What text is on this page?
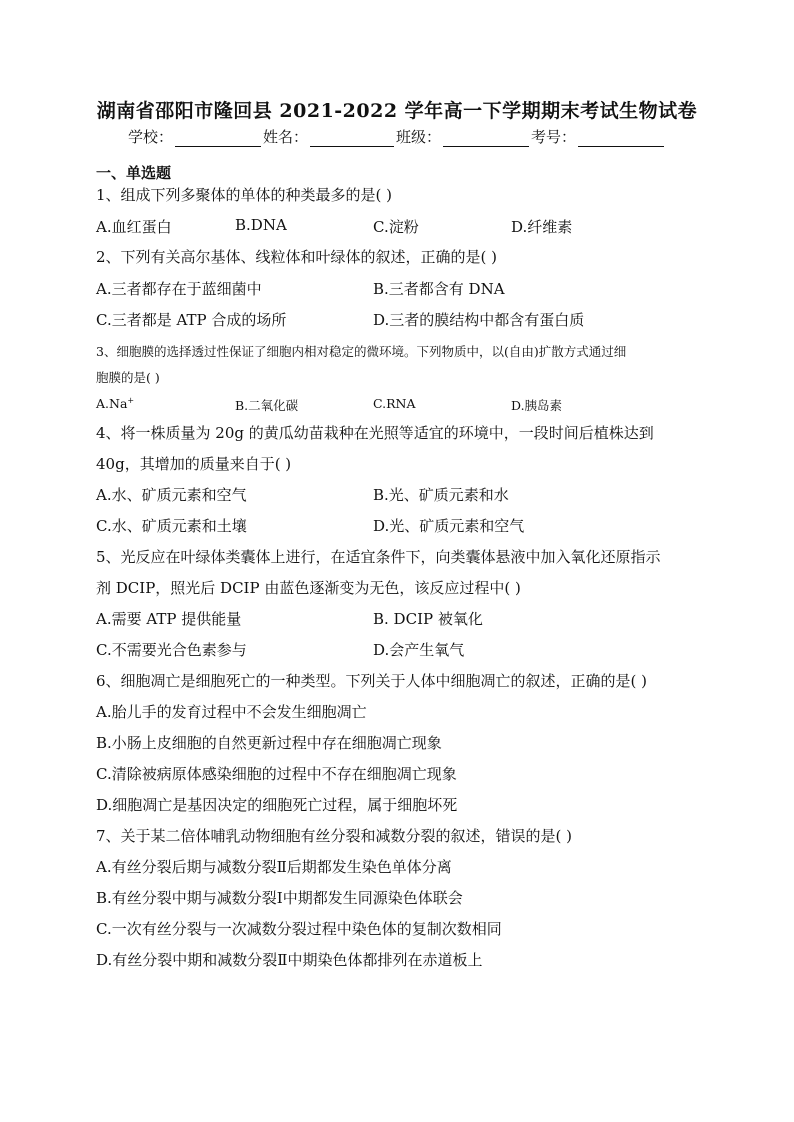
湖南省邵阳市隆回县 2021-2022 学年高一下学期期末考试生物试卷
学校：	姓名：	班级：	考号：
一、单选题
1、组成下列多聚体的单体的种类最多的是( )
A.血红蛋白	B.DNA	C.淀粉	D.纤维素
2、下列有关高尔基体、线粒体和叶绿体的叙述，正确的是( )
A.三者都存在于蓝细菌中	B.三者都含有 DNA
C.三者都是 ATP 合成的场所	D.三者的膜结构中都含有蛋白质
3、细胞膜的选择透过性保证了细胞内相对稳定的微环境。下列物质中，以(自由)扩散方式通过细
胞膜的是( )
A.Na+	B.二氧化碳	C.RNA	D.胰岛素
4、将一株质量为 20g 的黄瓜幼苗栽种在光照等适宜的环境中，一段时间后植株达到
40g，其增加的质量来自于( )
A.水、矿质元素和空气	B.光、矿质元素和水
C.水、矿质元素和土壤	D.光、矿质元素和空气
5、光反应在叶绿体类囊体上进行，在适宜条件下，向类囊体悬液中加入氧化还原指示
剂 DCIP，照光后 DCIP 由蓝色逐渐变为无色，该反应过程中( )
A.需要 ATP 提供能量	B. DCIP 被氧化
C.不需要光合色素参与	D.会产生氧气
6、细胞凋亡是细胞死亡的一种类型。下列关于人体中细胞凋亡的叙述，正确的是( )
A.胎儿手的发育过程中不会发生细胞凋亡
B.小肠上皮细胞的自然更新过程中存在细胞凋亡现象
C.清除被病原体感染细胞的过程中不存在细胞凋亡现象
D.细胞凋亡是基因决定的细胞死亡过程，属于细胞坏死
7、关于某二倍体哺乳动物细胞有丝分裂和减数分裂的叙述，错误的是( )
A.有丝分裂后期与减数分裂Ⅱ后期都发生染色单体分离
B.有丝分裂中期与减数分裂Ⅰ中期都发生同源染色体联会
C.一次有丝分裂与一次减数分裂过程中染色体的复制次数相同
D.有丝分裂中期和减数分裂Ⅱ中期染色体都排列在赤道板上
